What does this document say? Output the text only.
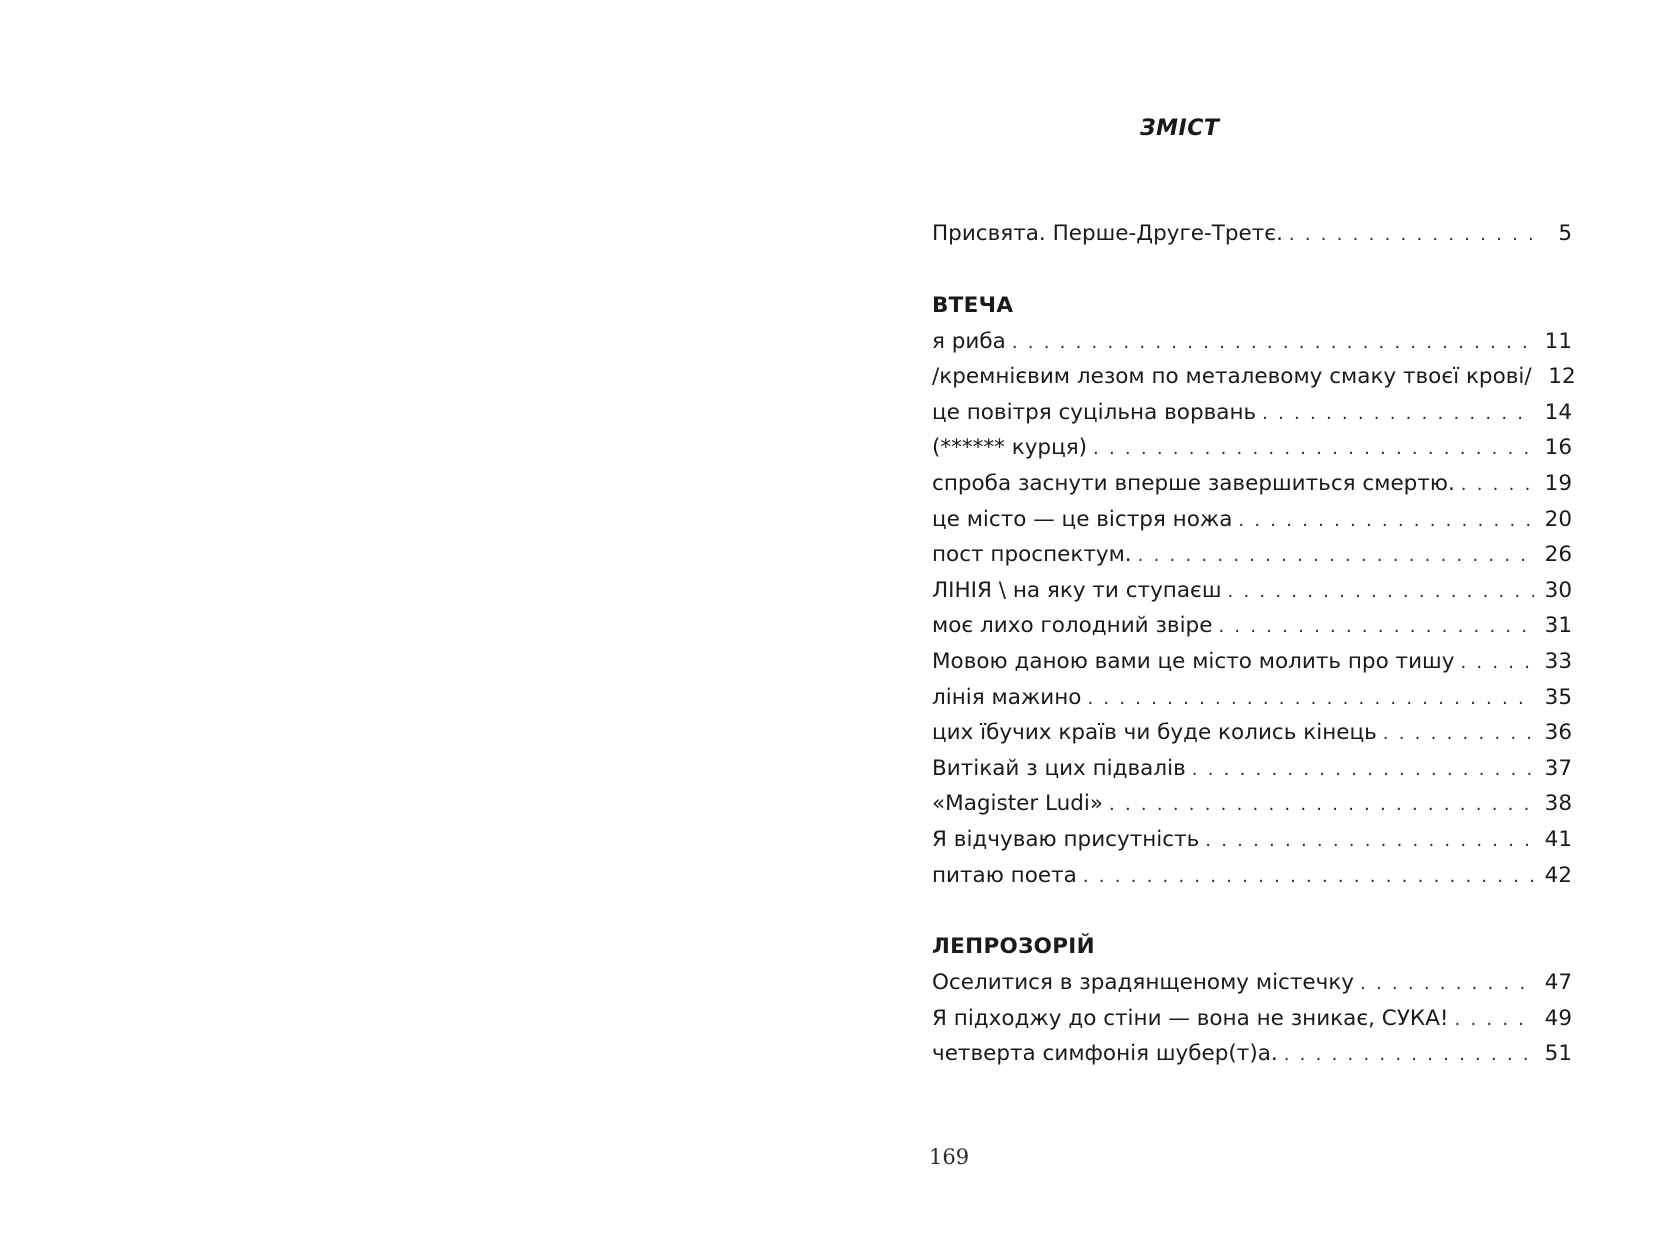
ЗМІСТ
Присвята. Перше-Друге-Третє. . . .	5
ВТЕЧА
я риба . . .	11
/кремнієвим лезом по металевому смаку твоєї крові/ 12
це повітря суцільна ворвань . . .	14
(****** курця) . . .	16
спроба заснути вперше завершиться смертю. . . .	19
це місто — це вістря ножа . . .	20
пост проспектум. . . .	26
ЛІНІЯ \ на яку ти ступаєш . . .	30
моє лихо голодний звіре . . .	31
Мовою даною вами це місто молить про тишу . . .	33
лінія мажино . . .	35
цих їбучих країв чи буде колись кінець . . .	36
Витікай з цих підвалів . . .	37
«Magister Ludi» . . .	38
Я відчуваю присутність . . .	41
питаю поета . . .	42
ЛЕПРОЗОРІЙ
Оселитися в зрадянщеному містечку . . .	47
Я підходжу до стіни — вона не зникає, СУКА! . . .	49
четверта симфонія шубер(т)а. . . .	51
169
